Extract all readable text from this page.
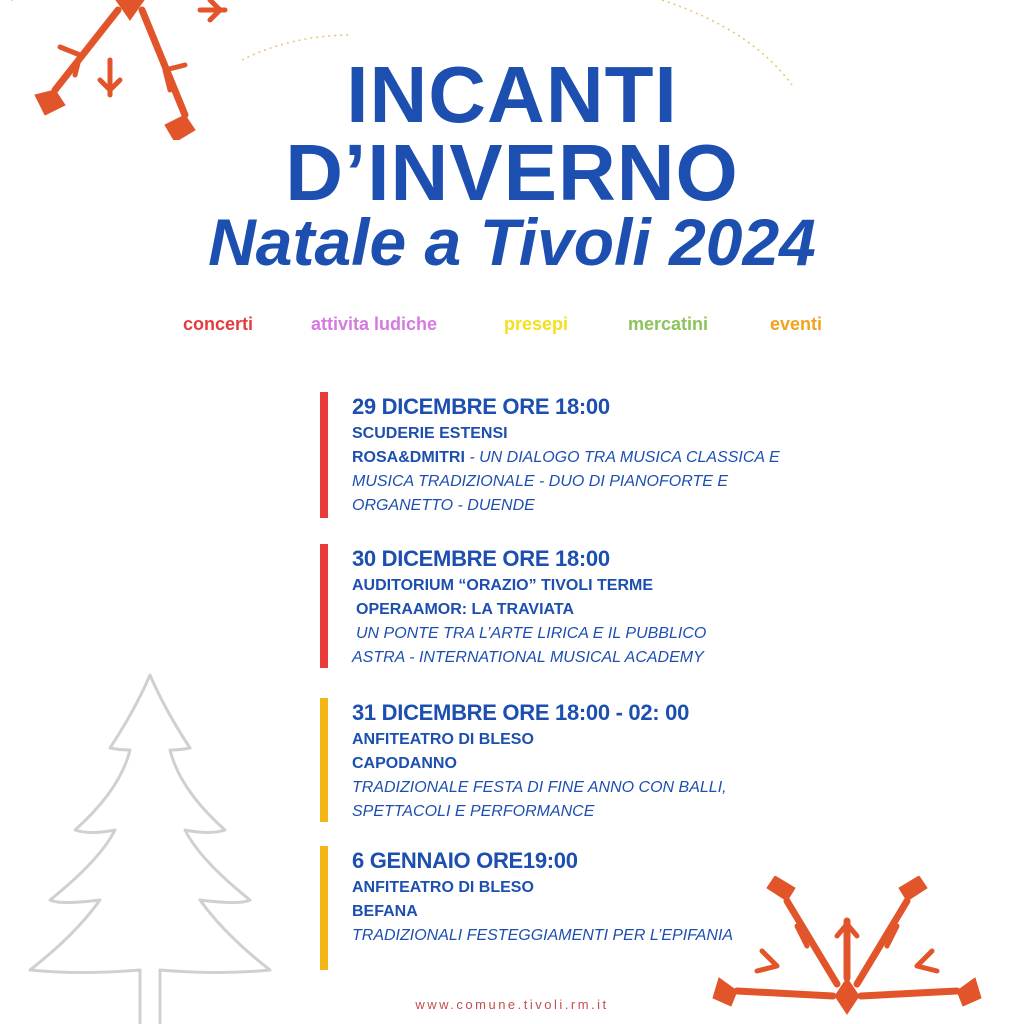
INCANTI
D’INVERNO
Natale a Tivoli 2024
concerti	attivita ludiche	presepi	mercatini	eventi
29 DICEMBRE ORE 18:00
SCUDERIE ESTENSI
ROSA&DMITRI - UN DIALOGO TRA MUSICA CLASSICA E
MUSICA TRADIZIONALE - DUO DI PIANOFORTE E
ORGANETTO - DUENDE
30 DICEMBRE ORE 18:00
AUDITORIUM “ORAZIO” TIVOLI TERME
OPERAAMOR: LA TRAVIATA
UN PONTE TRA L’ARTE LIRICA E IL PUBBLICO
ASTRA - INTERNATIONAL MUSICAL ACADEMY
31 DICEMBRE ORE 18:00 - 02: 00
ANFITEATRO DI BLESO
CAPODANNO
TRADIZIONALE FESTA DI FINE ANNO CON BALLI,
SPETTACOLI E PERFORMANCE
6 GENNAIO ORE19:00
ANFITEATRO DI BLESO
BEFANA
TRADIZIONALI FESTEGGIAMENTI PER L’EPIFANIA
www.comune.tivoli.rm.it
